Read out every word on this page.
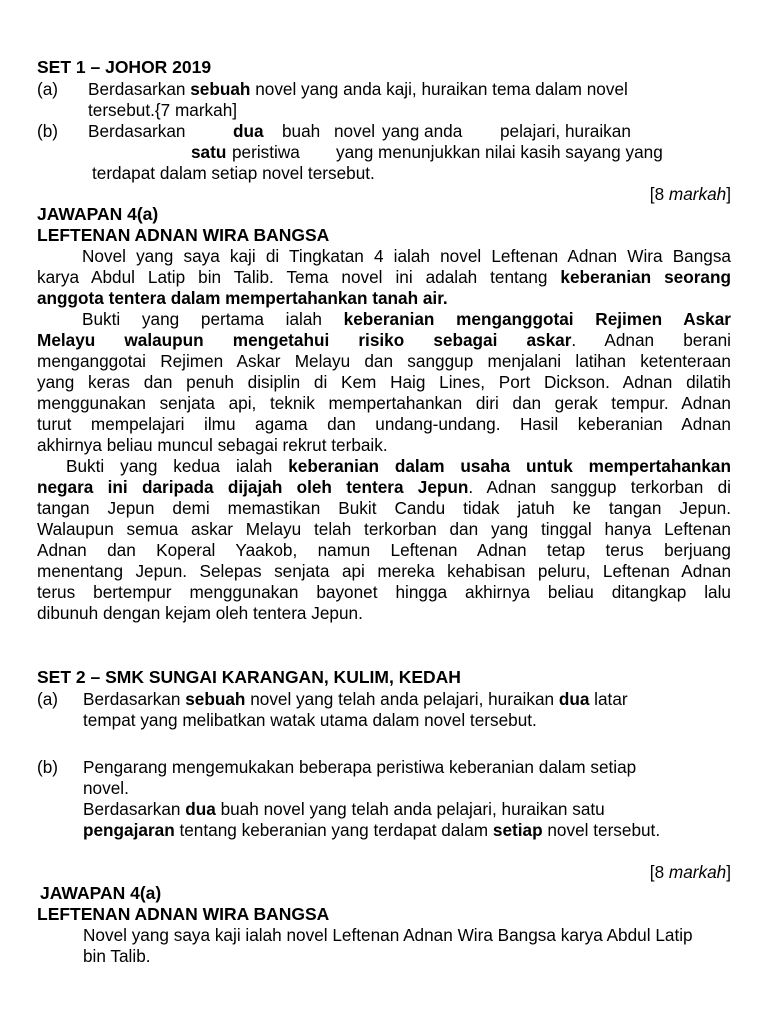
SET 1 – JOHOR 2019
(a) Berdasarkan sebuah novel yang anda kaji, huraikan tema dalam novel
tersebut.{7 markah]
(b) Berdasarkan	dua buah novel yang anda pelajari, huraikan
satu peristiwa yang menunjukkan nilai kasih sayang yang
terdapat dalam setiap novel tersebut.
[8 markah]
JAWAPAN 4(a)
LEFTENAN ADNAN WIRA BANGSA
Novel yang saya kaji di Tingkatan 4 ialah novel Leftenan Adnan Wira Bangsa
karya Abdul Latip bin Talib. Tema novel ini adalah tentang keberanian seorang
anggota tentera dalam mempertahankan tanah air.
Bukti yang pertama ialah keberanian menganggotai Rejimen Askar
Melayu walaupun mengetahui risiko sebagai askar. Adnan berani
menganggotai Rejimen Askar Melayu dan sanggup menjalani latihan ketenteraan
yang keras dan penuh disiplin di Kem Haig Lines, Port Dickson. Adnan dilatih
menggunakan senjata api, teknik mempertahankan diri dan gerak tempur. Adnan
turut mempelajari ilmu agama dan undang-undang. Hasil keberanian Adnan
akhirnya beliau muncul sebagai rekrut terbaik.
Bukti yang kedua ialah keberanian dalam usaha untuk mempertahankan
negara ini daripada dijajah oleh tentera Jepun. Adnan sanggup terkorban di
tangan Jepun demi memastikan Bukit Candu tidak jatuh ke tangan Jepun.
Walaupun semua askar Melayu telah terkorban dan yang tinggal hanya Leftenan
Adnan dan Koperal Yaakob, namun Leftenan Adnan tetap terus berjuang
menentang Jepun. Selepas senjata api mereka kehabisan peluru, Leftenan Adnan
terus bertempur menggunakan bayonet hingga akhirnya beliau ditangkap lalu
dibunuh dengan kejam oleh tentera Jepun.
SET 2 – SMK SUNGAI KARANGAN, KULIM, KEDAH
(a) Berdasarkan sebuah novel yang telah anda pelajari, huraikan dua latar
tempat yang melibatkan watak utama dalam novel tersebut.
(b) Pengarang mengemukakan beberapa peristiwa keberanian dalam setiap
novel.
Berdasarkan dua buah novel yang telah anda pelajari, huraikan satu
pengajaran tentang keberanian yang terdapat dalam setiap novel tersebut.
[8 markah]
JAWAPAN 4(a)
LEFTENAN ADNAN WIRA BANGSA
Novel yang saya kaji ialah novel Leftenan Adnan Wira Bangsa karya Abdul Latip
bin Talib.
